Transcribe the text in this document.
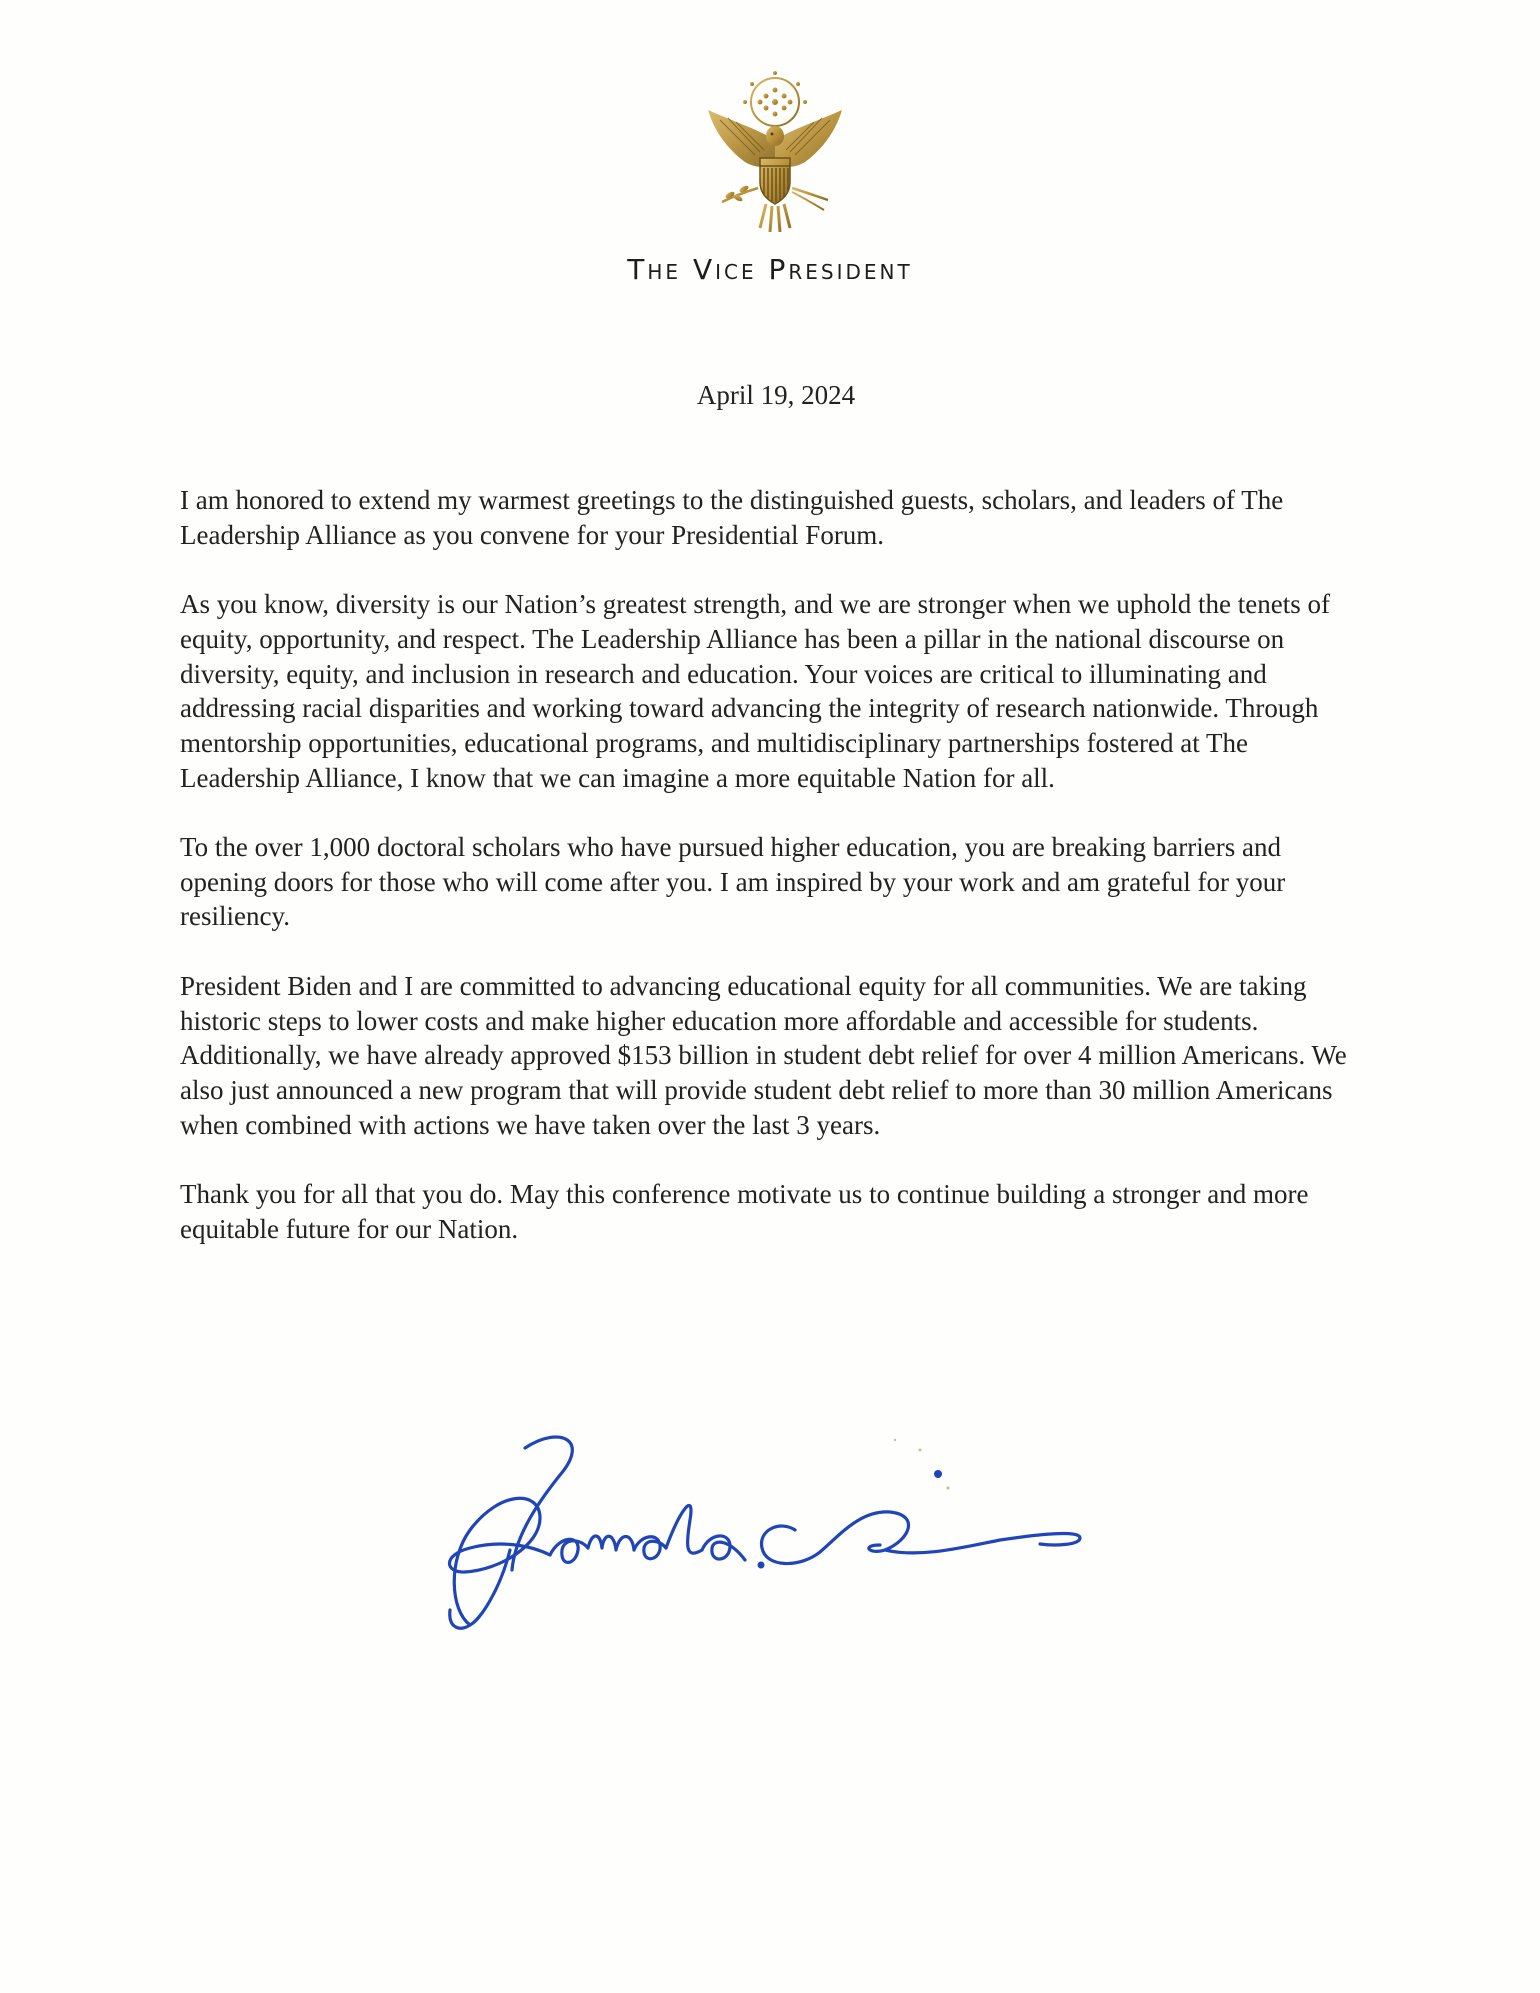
The Vice President
April 19, 2024

I am honored to extend my warmest greetings to the distinguished guests, scholars, and leaders of The Leadership Alliance as you convene for your Presidential Forum.

As you know, diversity is our Nation’s greatest strength, and we are stronger when we uphold the tenets of equity, opportunity, and respect. The Leadership Alliance has been a pillar in the national discourse on diversity, equity, and inclusion in research and education. Your voices are critical to illuminating and addressing racial disparities and working toward advancing the integrity of research nationwide. Through mentorship opportunities, educational programs, and multidisciplinary partnerships fostered at The Leadership Alliance, I know that we can imagine a more equitable Nation for all.

To the over 1,000 doctoral scholars who have pursued higher education, you are breaking barriers and opening doors for those who will come after you. I am inspired by your work and am grateful for your resiliency.

President Biden and I are committed to advancing educational equity for all communities. We are taking historic steps to lower costs and make higher education more affordable and accessible for students. Additionally, we have already approved $153 billion in student debt relief for over 4 million Americans. We also just announced a new program that will provide student debt relief to more than 30 million Americans when combined with actions we have taken over the last 3 years.

Thank you for all that you do. May this conference motivate us to continue building a stronger and more equitable future for our Nation.
